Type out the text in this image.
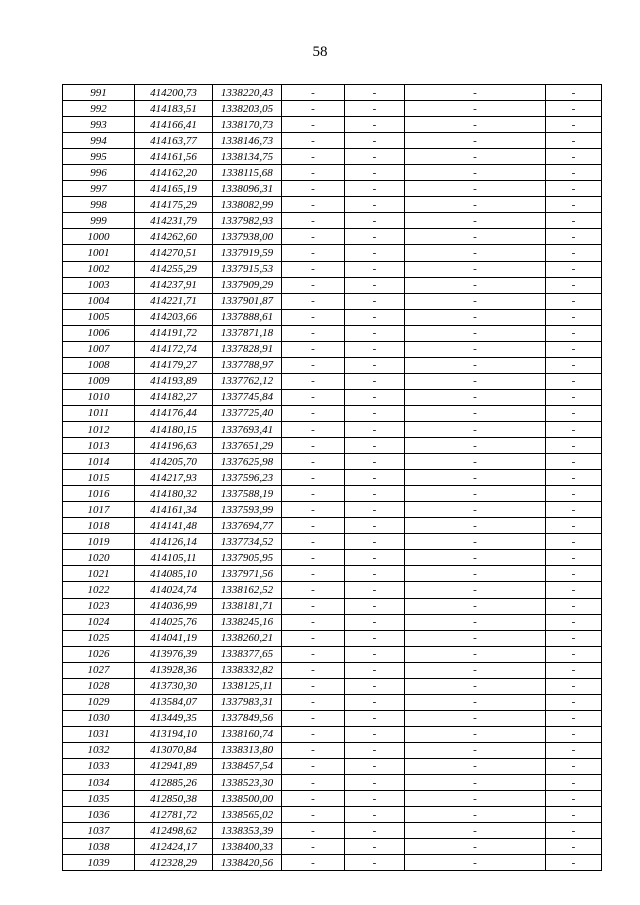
58
991	414200,73	1338220,43	-	-	-	-
992	414183,51	1338203,05	-	-	-	-
993	414166,41	1338170,73	-	-	-	-
994	414163,77	1338146,73	-	-	-	-
995	414161,56	1338134,75	-	-	-	-
996	414162,20	1338115,68	-	-	-	-
997	414165,19	1338096,31	-	-	-	-
998	414175,29	1338082,99	-	-	-	-
999	414231,79	1337982,93	-	-	-	-
1000	414262,60	1337938,00	-	-	-	-
1001	414270,51	1337919,59	-	-	-	-
1002	414255,29	1337915,53	-	-	-	-
1003	414237,91	1337909,29	-	-	-	-
1004	414221,71	1337901,87	-	-	-	-
1005	414203,66	1337888,61	-	-	-	-
1006	414191,72	1337871,18	-	-	-	-
1007	414172,74	1337828,91	-	-	-	-
1008	414179,27	1337788,97	-	-	-	-
1009	414193,89	1337762,12	-	-	-	-
1010	414182,27	1337745,84	-	-	-	-
1011	414176,44	1337725,40	-	-	-	-
1012	414180,15	1337693,41	-	-	-	-
1013	414196,63	1337651,29	-	-	-	-
1014	414205,70	1337625,98	-	-	-	-
1015	414217,93	1337596,23	-	-	-	-
1016	414180,32	1337588,19	-	-	-	-
1017	414161,34	1337593,99	-	-	-	-
1018	414141,48	1337694,77	-	-	-	-
1019	414126,14	1337734,52	-	-	-	-
1020	414105,11	1337905,95	-	-	-	-
1021	414085,10	1337971,56	-	-	-	-
1022	414024,74	1338162,52	-	-	-	-
1023	414036,99	1338181,71	-	-	-	-
1024	414025,76	1338245,16	-	-	-	-
1025	414041,19	1338260,21	-	-	-	-
1026	413976,39	1338377,65	-	-	-	-
1027	413928,36	1338332,82	-	-	-	-
1028	413730,30	1338125,11	-	-	-	-
1029	413584,07	1337983,31	-	-	-	-
1030	413449,35	1337849,56	-	-	-	-
1031	413194,10	1338160,74	-	-	-	-
1032	413070,84	1338313,80	-	-	-	-
1033	412941,89	1338457,54	-	-	-	-
1034	412885,26	1338523,30	-	-	-	-
1035	412850,38	1338500,00	-	-	-	-
1036	412781,72	1338565,02	-	-	-	-
1037	412498,62	1338353,39	-	-	-	-
1038	412424,17	1338400,33	-	-	-	-
1039	412328,29	1338420,56	-	-	-	-
